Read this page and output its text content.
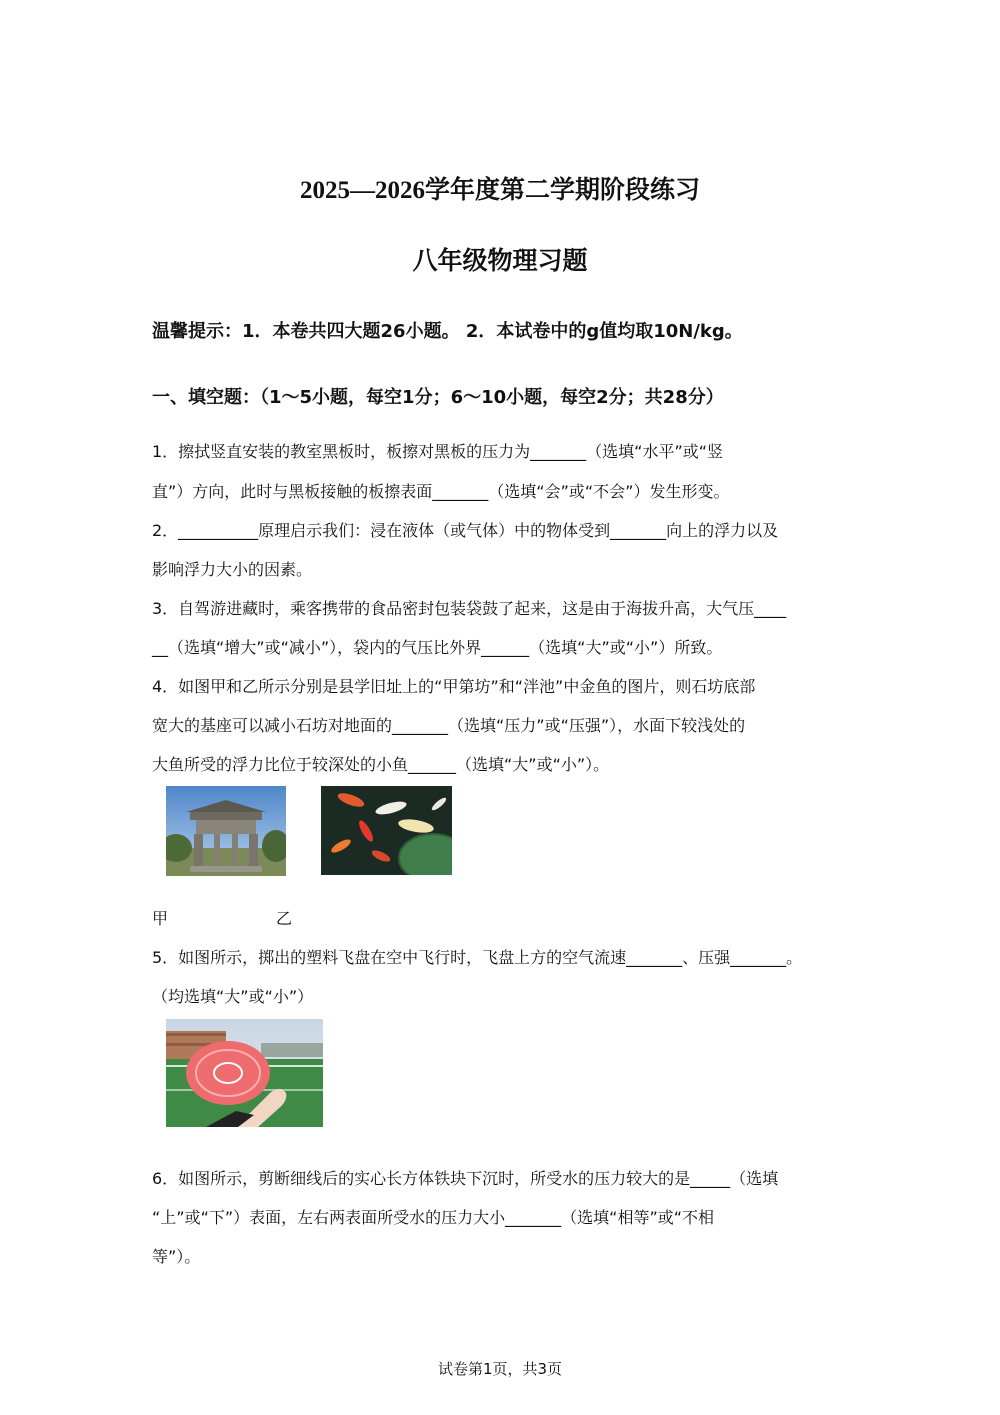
2025—2026学年度第二学期阶段练习
八年级物理习题
温馨提示：1．本卷共四大题26小题。 2．本试卷中的g值均取10N/kg。
一、填空题：（1～5小题，每空1分；6～10小题，每空2分；共28分）
1．擦拭竖直安装的教室黑板时，板擦对黑板的压力为_______（选填“水平”或“竖
直”）方向，此时与黑板接触的板擦表面_______（选填“会”或“不会”）发生形变。
2．__________原理启示我们：浸在液体（或气体）中的物体受到_______向上的浮力以及
影响浮力大小的因素。
3．自驾游进藏时，乘客携带的食品密封包装袋鼓了起来，这是由于海拔升高，大气压____
__（选填“增大”或“减小”），袋内的气压比外界______（选填“大”或“小”）所致。
4．如图甲和乙所示分别是县学旧址上的“甲第坊”和“泮池”中金鱼的图片，则石坊底部
宽大的基座可以减小石坊对地面的_______（选填“压力”或“压强”），水面下较浅处的
大鱼所受的浮力比位于较深处的小鱼______（选填“大”或“小”）。
甲	乙
5．如图所示，掷出的塑料飞盘在空中飞行时，飞盘上方的空气流速_______、压强_______。
（均选填“大”或“小”）
6．如图所示，剪断细线后的实心长方体铁块下沉时，所受水的压力较大的是_____（选填
“上”或“下”）表面，左右两表面所受水的压力大小_______（选填“相等”或“不相
等”）。
试卷第1页，共3页
